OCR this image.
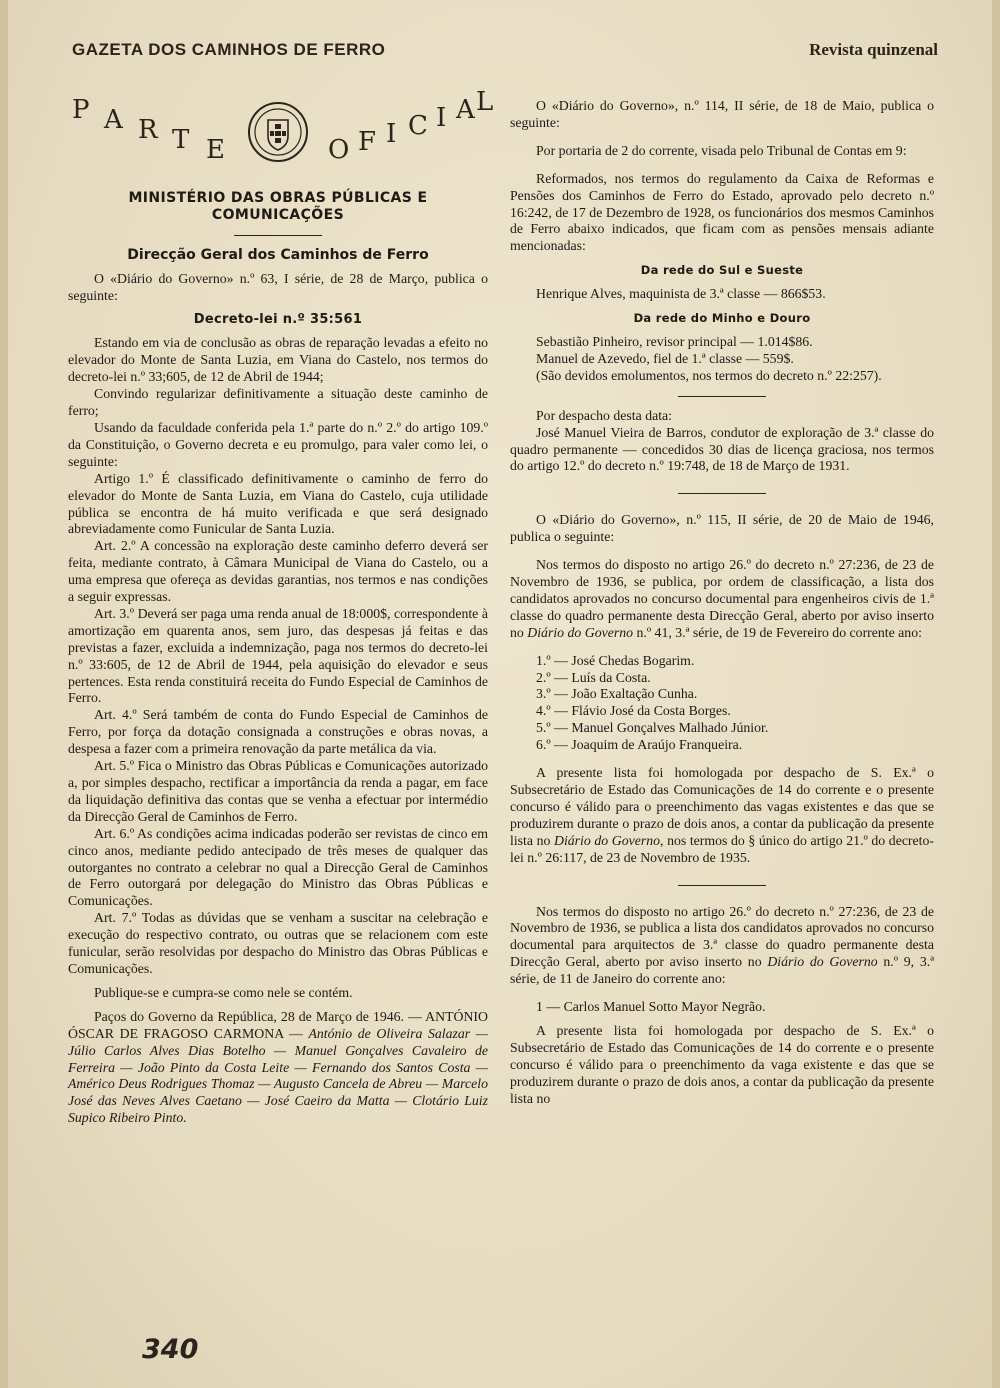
GAZETA DOS CAMINHOS DE FERRO	Revista quinzenal
P A R T E	O F I C I A L
MINISTÉRIO DAS OBRAS PÚBLICAS E COMUNICAÇÕES
Direcção Geral dos Caminhos de Ferro

O «Diário do Governo» n.º 63, I série, de 28 de Março, publica o seguinte:

Decreto-lei n.º 35:561

Estando em via de conclusão as obras de reparação levadas a efeito no elevador do Monte de Santa Luzia, em Viana do Castelo, nos termos do decreto-lei n.º 33;605, de 12 de Abril de 1944;

Convindo regularizar definitivamente a situação deste caminho de ferro;

Usando da faculdade conferida pela 1.ª parte do n.º 2.º do artigo 109.º da Constituição, o Governo decreta e eu promulgo, para valer como lei, o seguinte:

Artigo 1.º É classificado definitivamente o caminho de ferro do elevador do Monte de Santa Luzia, em Viana do Castelo, cuja utilidade pública se encontra de há muito verificada e que será designado abreviadamente como Funicular de Santa Luzia.

Art. 2.º A concessão na exploração deste caminho deferro deverá ser feita, mediante contrato, à Câmara Municipal de Viana do Castelo, ou a uma empresa que ofereça as devidas garantias, nos termos e nas condições a seguir expressas.

Art. 3.º Deverá ser paga uma renda anual de 18:000$, correspondente à amortização em quarenta anos, sem juro, das despesas já feitas e das previstas a fazer, excluida a indemnização, paga nos termos do decreto-lei n.º 33:605, de 12 de Abril de 1944, pela aquisição do elevador e seus pertences. Esta renda constituirá receita do Fundo Especial de Caminhos de Ferro.

Art. 4.º Será também de conta do Fundo Especial de Caminhos de Ferro, por força da dotação consignada a construções e obras novas, a despesa a fazer com a primeira renovação da parte metálica da via.

Art. 5.º Fica o Ministro das Obras Públicas e Comunicações autorizado a, por simples despacho, rectificar a importância da renda a pagar, em face da liquidação definitiva das contas que se venha a efectuar por intermédio da Direcção Geral de Caminhos de Ferro.

Art. 6.º As condições acima indicadas poderão ser revistas de cinco em cinco anos, mediante pedido antecipado de três meses de qualquer das outorgantes no contrato a celebrar no qual a Direcção Geral de Caminhos de Ferro outorgará por delegação do Ministro das Obras Públicas e Comunicações.

Art. 7.º Todas as dúvidas que se venham a suscitar na celebração e execução do respectivo contrato, ou outras que se relacionem com este funicular, serão resolvidas por despacho do Ministro das Obras Públicas e Comunicações.

Publique-se e cumpra-se como nele se contém.

Paços do Governo da República, 28 de Março de 1946. — ANTÓNIO ÓSCAR DE FRAGOSO CARMONA — António de Oliveira Salazar — Júlio Carlos Alves Dias Botelho — Manuel Gonçalves Cavaleiro de Ferreira — João Pinto da Costa Leite — Fernando dos Santos Costa — Américo Deus Rodrigues Thomaz — Augusto Cancela de Abreu — Marcelo José das Neves Alves Caetano — José Caeiro da Matta — Clotário Luiz Supico Ribeiro Pinto.

O «Diário do Governo», n.º 114, II série, de 18 de Maio, publica o seguinte:

Por portaria de 2 do corrente, visada pelo Tribunal de Contas em 9:

Reformados, nos termos do regulamento da Caixa de Reformas e Pensões dos Caminhos de Ferro do Estado, aprovado pelo decreto n.º 16:242, de 17 de Dezembro de 1928, os funcionários dos mesmos Caminhos de Ferro abaixo indicados, que ficam com as pensões mensais adiante mencionadas:

Da rede do Sul e Sueste

Henrique Alves, maquinista de 3.ª classe — 866$53.

Da rede do Minho e Douro

Sebastião Pinheiro, revisor principal — 1.014$86.

Manuel de Azevedo, fiel de 1.ª classe — 559$.

(São devidos emolumentos, nos termos do decreto n.º 22:257).

Por despacho desta data:

José Manuel Vieira de Barros, condutor de exploração de 3.ª classe do quadro permanente — concedidos 30 dias de licença graciosa, nos termos do artigo 12.º do decreto n.º 19:748, de 18 de Março de 1931.

O «Diário do Governo», n.º 115, II série, de 20 de Maio de 1946, publica o seguinte:

Nos termos do disposto no artigo 26.º do decreto n.º 27:236, de 23 de Novembro de 1936, se publica, por ordem de classificação, a lista dos candidatos aprovados no concurso documental para engenheiros civis de 1.ª classe do quadro permanente desta Direcção Geral, aberto por aviso inserto no Diário do Governo n.º 41, 3.ª série, de 19 de Fevereiro do corrente ano:

1.º — José Chedas Bogarim.

2.º — Luís da Costa.

3.º — João Exaltação Cunha.

4.º — Flávio José da Costa Borges.

5.º — Manuel Gonçalves Malhado Júnior.

6.º — Joaquim de Araújo Franqueira.

A presente lista foi homologada por despacho de S. Ex.ª o Subsecretário de Estado das Comunicações de 14 do corrente e o presente concurso é válido para o preenchimento das vagas existentes e das que se produzirem durante o prazo de dois anos, a contar da publicação da presente lista no Diário do Governo, nos termos do § único do artigo 21.º do decreto-lei n.º 26:117, de 23 de Novembro de 1935.

Nos termos do disposto no artigo 26.º do decreto n.º 27:236, de 23 de Novembro de 1936, se publica a lista dos candidatos aprovados no concurso documental para arquitectos de 3.ª classe do quadro permanente desta Direcção Geral, aberto por aviso inserto no Diário do Governo n.º 9, 3.ª série, de 11 de Janeiro do corrente ano:

1 — Carlos Manuel Sotto Mayor Negrão.

A presente lista foi homologada por despacho de S. Ex.ª o Subsecretário de Estado das Comunicações de 14 do corrente e o presente concurso é válido para o preenchimento da vaga existente e das que se produzirem durante o prazo de dois anos, a contar da publicação da presente lista no

340
